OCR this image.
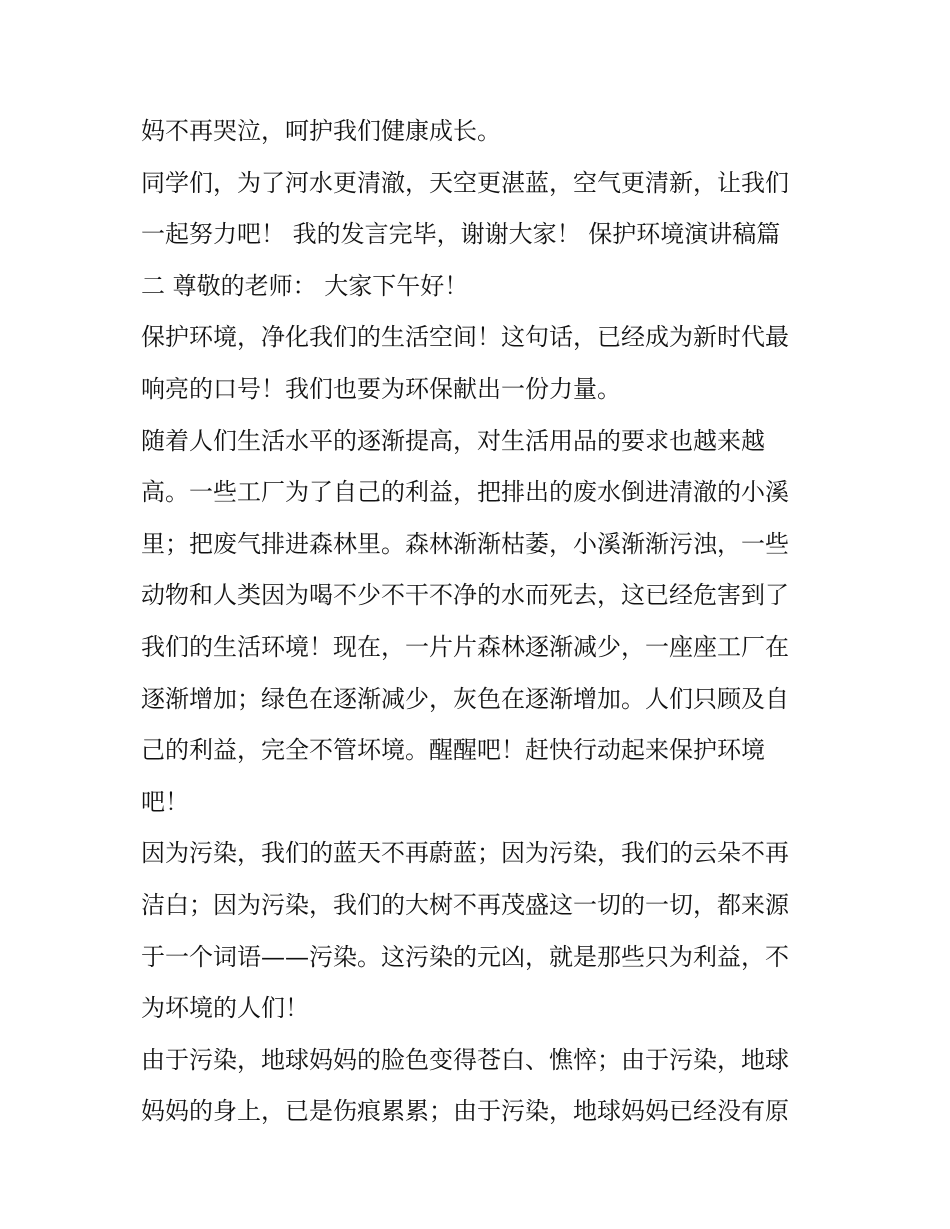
妈不再哭泣，呵护我们健康成长。
同学们，为了河水更清澈，天空更湛蓝，空气更清新，让我们
一起努力吧！ 我的发言完毕，谢谢大家！ 保护环境演讲稿篇
二 尊敬的老师： 大家下午好！
保护环境，净化我们的生活空间！这句话，已经成为新时代最
响亮的口号！我们也要为环保献出一份力量。
随着人们生活水平的逐渐提高，对生活用品的要求也越来越
高。一些工厂为了自己的利益，把排出的废水倒进清澈的小溪
里；把废气排进森林里。森林渐渐枯萎，小溪渐渐污浊，一些
动物和人类因为喝不少不干不净的水而死去，这已经危害到了
我们的生活环境！现在，一片片森林逐渐减少，一座座工厂在
逐渐增加；绿色在逐渐减少，灰色在逐渐增加。人们只顾及自
己的利益，完全不管坏境。醒醒吧！赶快行动起来保护环境
吧！
因为污染，我们的蓝天不再蔚蓝；因为污染，我们的云朵不再
洁白；因为污染，我们的大树不再茂盛这一切的一切，都来源
于一个词语——污染。这污染的元凶，就是那些只为利益，不
为坏境的人们！
由于污染，地球妈妈的脸色变得苍白、憔悴；由于污染，地球
妈妈的身上，已是伤痕累累；由于污染，地球妈妈已经没有原
